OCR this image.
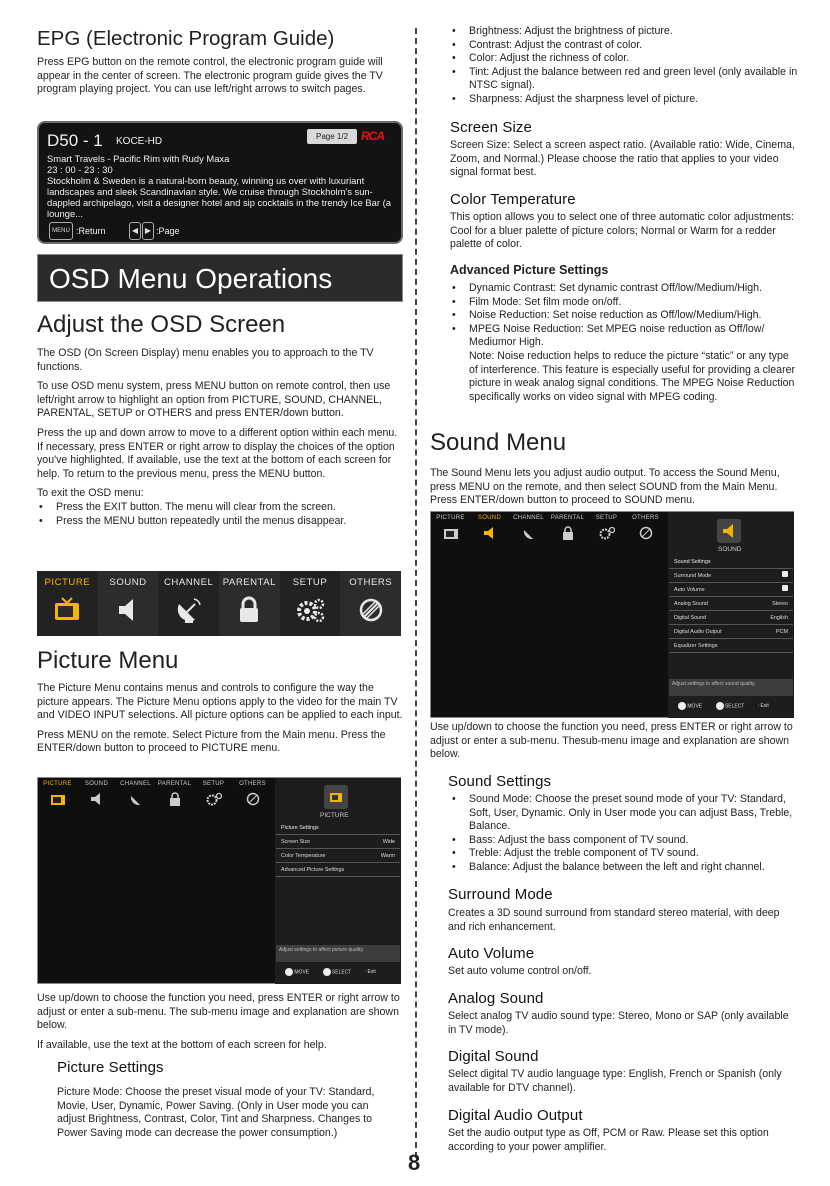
EPG (Electronic Program Guide)

Press EPG button on the remote control, the electronic program guide will appear in the center of screen. The electronic program guide gives the TV program playing project. You can use left/right arrows to switch pages.

D50 - 1 KOCE-HD	Page 1/2	RCA
Smart Travels - Pacific Rim with Rudy Maxa
23 : 00 - 23 : 30
Stockholm & Sweden is a natural-born beauty, winning us over with luxuriant landscapes and sleek Scandinavian style. We cruise through Stockholm's sun-dappled archipelago, visit a designer hotel and sip cocktails in the trendy Ice Bar (a lounge...
MENU :Return	◀ ▶ :Page
OSD Menu Operations
Adjust the OSD Screen

The OSD (On Screen Display) menu enables you to approach to the TV functions.

To use OSD menu system, press MENU button on remote control, then use left/right arrow to highlight an option from PICTURE, SOUND, CHANNEL, PARENTAL, SETUP or OTHERS and press ENTER/down button.

Press the up and down arrow to move to a different option within each menu. If necessary, press ENTER or right arrow to display the choices of the option you've highlighted. If available, use the text at the bottom of each screen for help. To return to the previous menu, press the MENU button.

To exit the OSD menu:

• Press the EXIT button. The menu will clear from the screen.
• Press the MENU button repeatedly until the menus disappear.
PICTURE	SOUND	CHANNEL PARENTAL	SETUP	OTHERS
Picture Menu

The Picture Menu contains menus and controls to configure the way the picture appears. The Picture Menu options apply to the video for the main TV and VIDEO INPUT selections. All picture options can be applied to each input.

Press MENU on the remote. Select Picture from the Main menu. Press the ENTER/down button to proceed to PICTURE menu.

PICTURE	SOUND	CHANNEL	PARENTAL	SETUP	OTHERS
PICTURE
Picture Settings
Screen Size	Wide
Color Temperature	Warm
Advanced Picture Settings
Adjust settings to affect picture quality.
MOVE	SELECT	: Exit

Use up/down to choose the function you need, press ENTER or right arrow to adjust or enter a sub-menu. The sub-menu image and explanation are shown below.

If available, use the text at the bottom of each screen for help.

Picture Settings

Picture Mode: Choose the preset visual mode of your TV: Standard, Movie, User, Dynamic, Power Saving. (Only in User mode you can adjust Brightness, Contrast, Color, Tint and Sharpness. Changes to Power Saving mode can decrease the power consumption.)

• Brightness: Adjust the brightness of picture.
• Contrast: Adjust the contrast of color.
• Color: Adjust the richness of color.
• Tint: Adjust the balance between red and green level (only available in NTSC signal).
• Sharpness: Adjust the sharpness level of picture.
Screen Size

Screen Size: Select a screen aspect ratio. (Available ratio: Wide, Cinema, Zoom, and Normal.) Please choose the ratio that applies to your video signal format best.

Color Temperature

This option allows you to select one of three automatic color adjustments: Cool for a bluer palette of picture colors; Normal or Warm for a redder palette of color.

Advanced Picture Settings
• Dynamic Contrast: Set dynamic contrast Off/low/Medium/High.
• Film Mode: Set film mode on/off.
• Noise Reduction: Set noise reduction as Off/low/Medium/High.
• MPEG Noise Reduction: Set MPEG noise reduction as Off/low/ Mediumor High.

Note: Noise reduction helps to reduce the picture “static” or any type of interference. This feature is especially useful for providing a clearer picture in weak analog signal conditions. The MPEG Noise Reduction specifically works on video signal with MPEG coding.

Sound Menu

The Sound Menu lets you adjust audio output. To access the Sound Menu, press MENU on the remote, and then select SOUND from the Main Menu. Press ENTER/down button to proceed to SOUND menu.

PICTURE	SOUND	CHANNEL	PARENTAL	SETUP	OTHERS
SOUND
Sound Settings
Surround Mode
Auto Volume
Analog Sound	Stereo
Digital Sound	English
Digital Audio Output	PCM
Equalizer Settings
Adjust settings to affect sound quality.
MOVE	SELECT	: Exit

Use up/down to choose the function you need, press ENTER or right arrow to adjust or enter a sub-menu. Thesub-menu image and explanation are shown below.

Sound Settings
• Sound Mode: Choose the preset sound mode of your TV: Standard, Soft, User, Dynamic. Only in User mode you can adjust Bass, Treble, Balance.
• Bass: Adjust the bass component of TV sound.
• Treble: Adjust the treble component of TV sound.
• Balance: Adjust the balance between the left and right channel.
Surround Mode

Creates a 3D sound surround from standard stereo material, with deep and rich enhancement.

Auto Volume

Set auto volume control on/off.

Analog Sound

Select analog TV audio sound type: Stereo, Mono or SAP (only available in TV mode).

Digital Sound

Select digital TV audio language type: English, French or Spanish (only available for DTV channel).

Digital Audio Output

Set the audio output type as Off, PCM or Raw. Please set this option according to your power amplifier.

8
